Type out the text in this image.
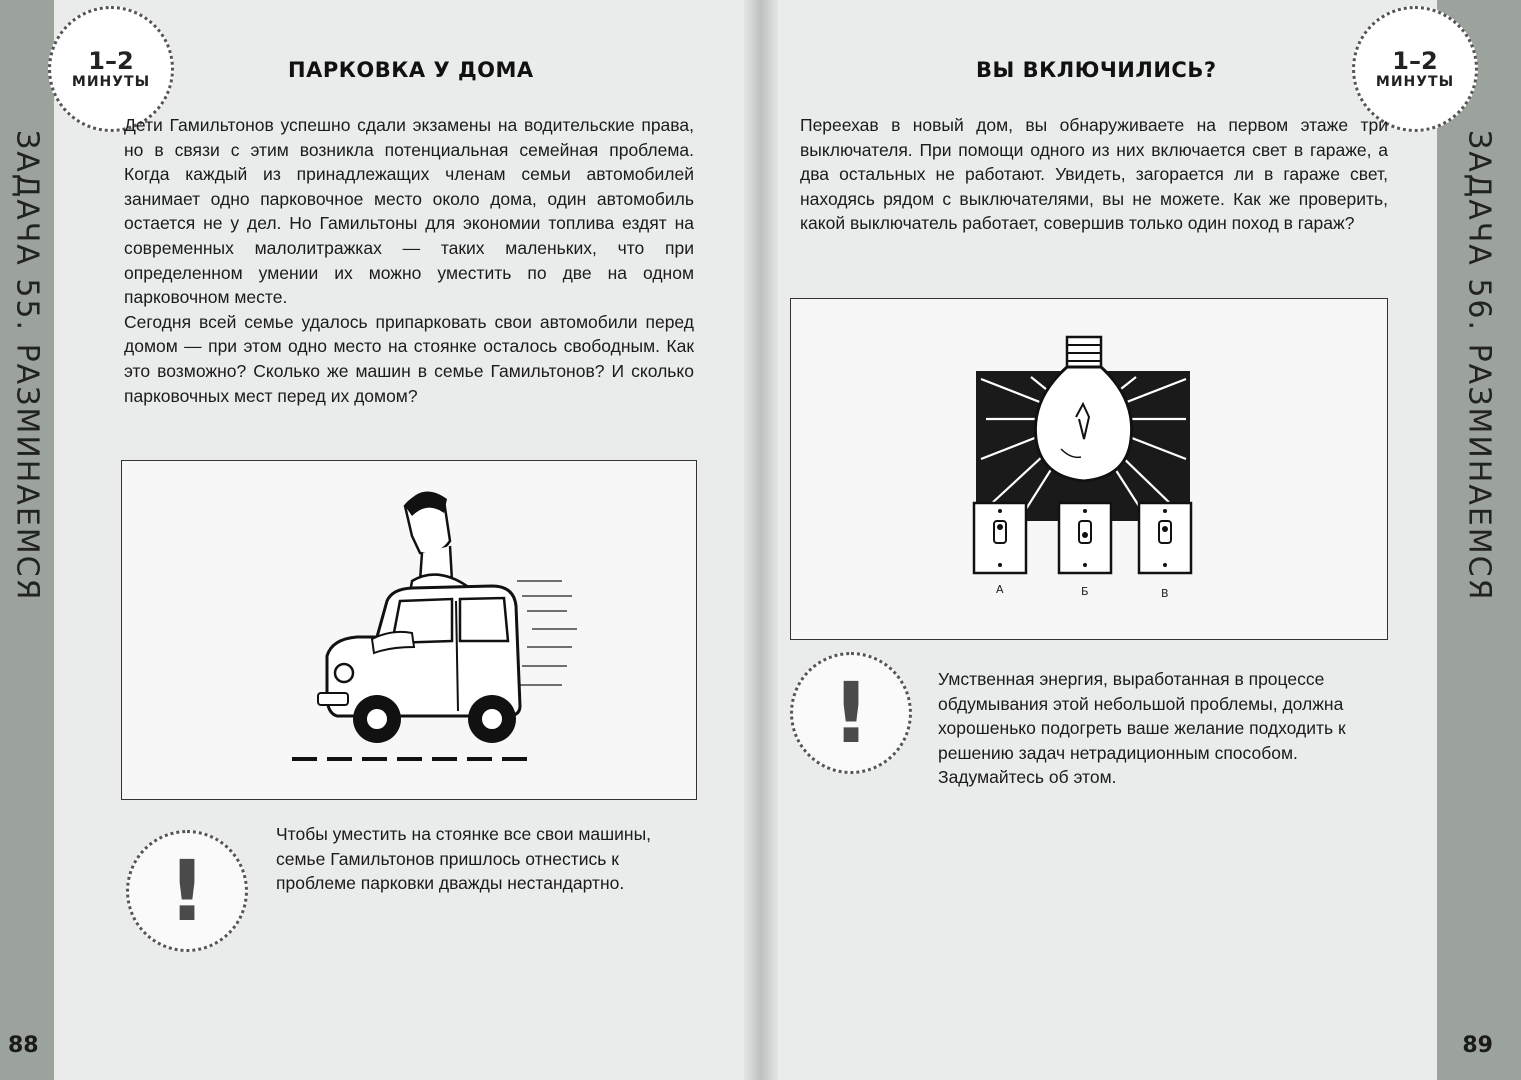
ЗАДАЧА 55. РАЗМИНАЕМСЯ
88
ЗАДАЧА 56. РАЗМИНАЕМСЯ
89
1–2
МИНУТЫ	ПАРКОВКА У ДОМА

Дети Гамильтонов успешно сдали экзамены на водительские права, но в связи с этим возникла потенциальная семейная проблема. Когда каждый из принадлежащих членам семьи автомобилей занимает одно парковочное место около дома, один автомобиль остается не у дел. Но Гамильтоны для экономии топлива ездят на современных малолитражках — таких маленьких, что при определенном умении их можно уместить по две на одном парковочном месте.

Сегодня всей семье удалось припарковать свои автомобили перед домом — при этом одно место на стоянке осталось свободным. Как это возможно? Сколько же машин в семье Гамильтонов? И сколько парковочных мест перед их домом?

!
Чтобы уместить на стоянке все свои машины, семье Гамильтонов пришлось отнестись к проблеме парковки дважды нестандартно.
1–2
МИНУТЫ
ВЫ ВКЛЮЧИЛИСЬ?

Переехав в новый дом, вы обнаруживаете на первом этаже три выключателя. При помощи одного из них включается свет в гараже, а два остальных не работают. Увидеть, загорается ли в гараже свет, находясь рядом с выключателями, вы не можете. Как же проверить, какой выключатель работает, совершив только один поход в гараж?

А	Б	В
!	Умственная энергия, выработанная в процессе обдумывания этой небольшой проблемы, должна хорошенько подогреть ваше желание подходить к решению задач нетрадиционным способом. Задумайтесь об этом.
